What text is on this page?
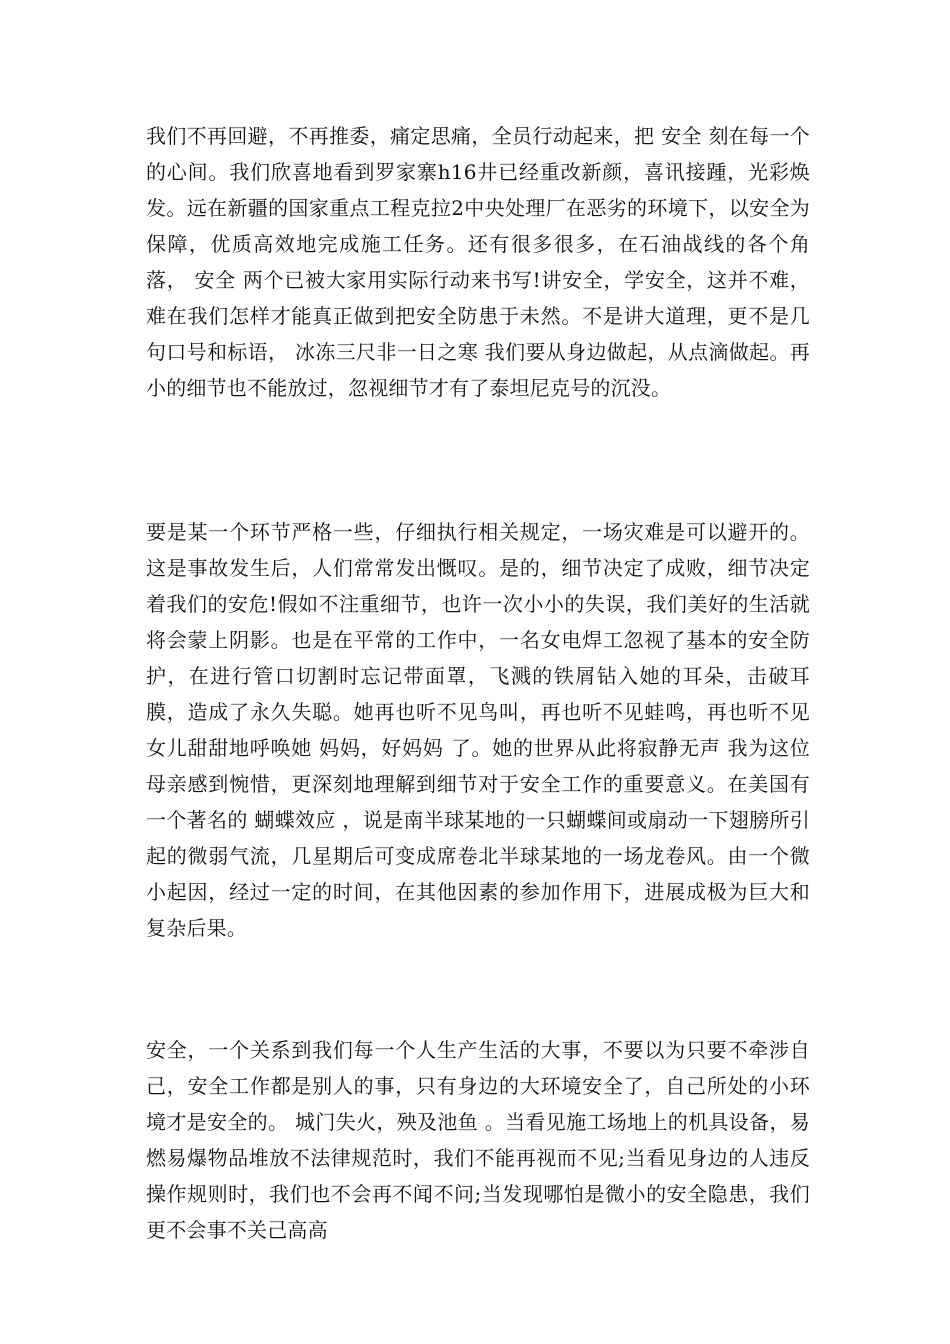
我们不再回避，不再推委，痛定思痛，全员行动起来，把 安全 刻在每一个的心间。我们欣喜地看到罗家寨h16井已经重改新颜，喜讯接踵，光彩焕发。远在新疆的国家重点工程克拉2中央处理厂在恶劣的环境下，以安全为保障，优质高效地完成施工任务。还有很多很多，在石油战线的各个角落， 安全 两个已被大家用实际行动来书写!讲安全，学安全，这并不难，难在我们怎样才能真正做到把安全防患于未然。不是讲大道理，更不是几句口号和标语， 冰冻三尺非一日之寒 我们要从身边做起，从点滴做起。再小的细节也不能放过，忽视细节才有了泰坦尼克号的沉没。

要是某一个环节严格一些，仔细执行相关规定，一场灾难是可以避开的。 这是事故发生后，人们常常发出慨叹。是的，细节决定了成败，细节决定着我们的安危!假如不注重细节，也许一次小小的失误，我们美好的生活就将会蒙上阴影。也是在平常的工作中，一名女电焊工忽视了基本的安全防护，在进行管口切割时忘记带面罩，飞溅的铁屑钻入她的耳朵，击破耳膜，造成了永久失聪。她再也听不见鸟叫，再也听不见蛙鸣，再也听不见女儿甜甜地呼唤她 妈妈，好妈妈 了。她的世界从此将寂静无声 我为这位母亲感到惋惜，更深刻地理解到细节对于安全工作的重要意义。在美国有一个著名的 蝴蝶效应 ，说是南半球某地的一只蝴蝶间或扇动一下翅膀所引起的微弱气流，几星期后可变成席卷北半球某地的一场龙卷风。由一个微小起因，经过一定的时间，在其他因素的参加作用下，进展成极为巨大和复杂后果。

安全，一个关系到我们每一个人生产生活的大事，不要以为只要不牵涉自己，安全工作都是别人的事，只有身边的大环境安全了，自己所处的小环境才是安全的。 城门失火，殃及池鱼 。当看见施工场地上的机具设备，易燃易爆物品堆放不法律规范时，我们不能再视而不见;当看见身边的人违反操作规则时，我们也不会再不闻不问;当发现哪怕是微小的安全隐患，我们更不会事不关己高高
